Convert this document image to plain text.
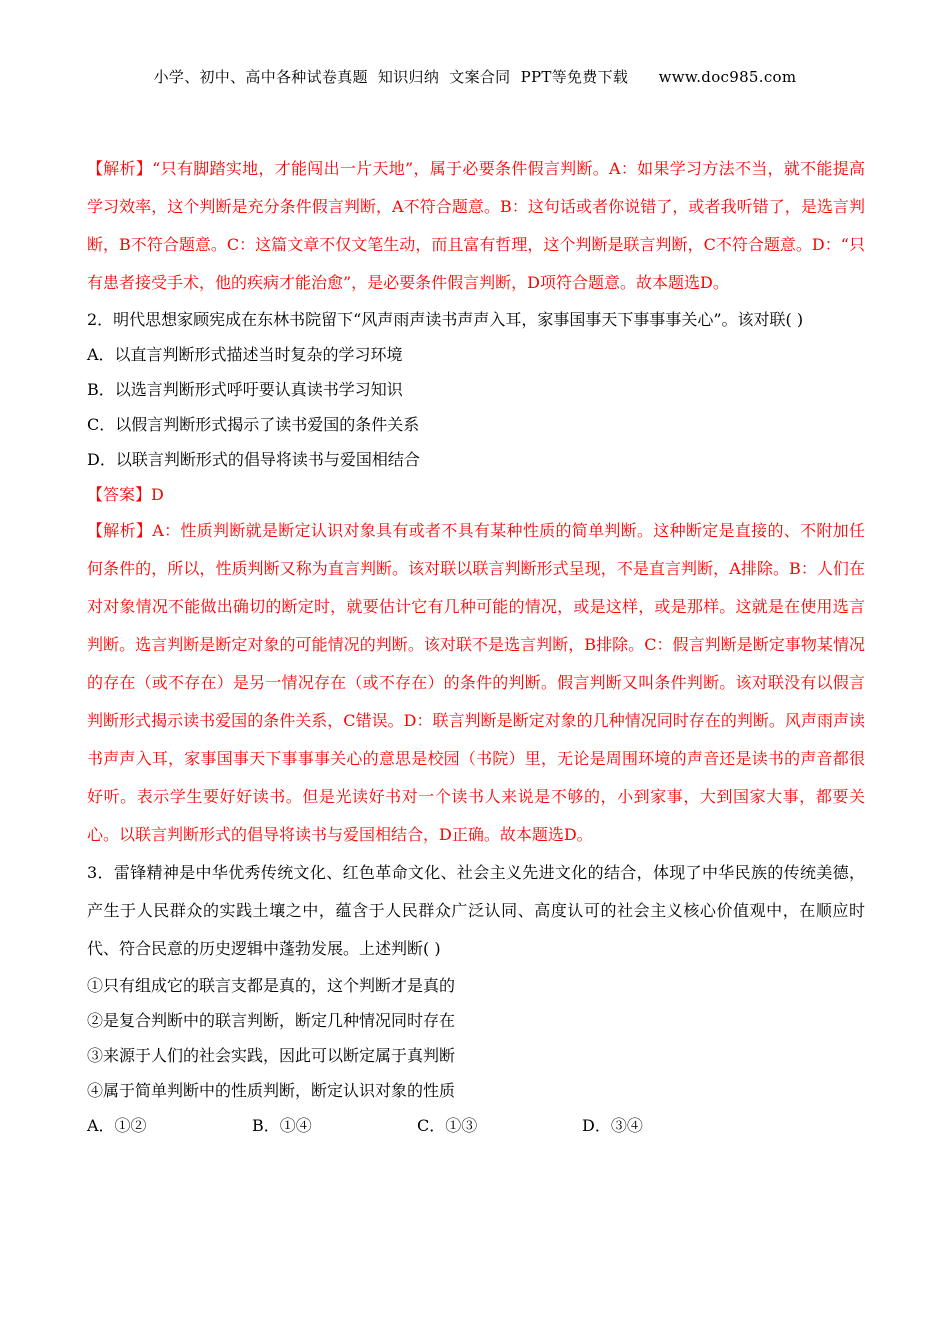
小学、初中、高中各种试卷真题  知识归纳  文案合同  PPT等免费下载      www.doc985.com

【解析】“只有脚踏实地，才能闯出一片天地”，属于必要条件假言判断。A：如果学习方法不当，就不能提高学习效率，这个判断是充分条件假言判断，A不符合题意。B：这句话或者你说错了，或者我听错了，是选言判断，B不符合题意。C：这篇文章不仅文笔生动，而且富有哲理，这个判断是联言判断，C不符合题意。D：“只有患者接受手术，他的疾病才能治愈”，是必要条件假言判断，D项符合题意。故本题选D。

2．明代思想家顾宪成在东林书院留下“风声雨声读书声声入耳，家事国事天下事事事关心”。该对联( )

A．以直言判断形式描述当时复杂的学习环境

B．以选言判断形式呼吁要认真读书学习知识

C．以假言判断形式揭示了读书爱国的条件关系

D．以联言判断形式的倡导将读书与爱国相结合

【答案】D

【解析】A：性质判断就是断定认识对象具有或者不具有某种性质的简单判断。这种断定是直接的、不附加任何条件的，所以，性质判断又称为直言判断。该对联以联言判断形式呈现，不是直言判断，A排除。B：人们在对对象情况不能做出确切的断定时，就要估计它有几种可能的情况，或是这样，或是那样。这就是在使用选言判断。选言判断是断定对象的可能情况的判断。该对联不是选言判断，B排除。C：假言判断是断定事物某情况的存在（或不存在）是另一情况存在（或不存在）的条件的判断。假言判断又叫条件判断。该对联没有以假言判断形式揭示读书爱国的条件关系，C错误。D：联言判断是断定对象的几种情况同时存在的判断。风声雨声读书声声入耳，家事国事天下事事事关心的意思是校园（书院）里，无论是周围环境的声音还是读书的声音都很好听。表示学生要好好读书。但是光读好书对一个读书人来说是不够的，小到家事，大到国家大事，都要关心。以联言判断形式的倡导将读书与爱国相结合，D正确。故本题选D。

3．雷锋精神是中华优秀传统文化、红色革命文化、社会主义先进文化的结合，体现了中华民族的传统美德，产生于人民群众的实践土壤之中，蕴含于人民群众广泛认同、高度认可的社会主义核心价值观中，在顺应时代、符合民意的历史逻辑中蓬勃发展。上述判断( )

①只有组成它的联言支都是真的，这个判断才是真的

②是复合判断中的联言判断，断定几种情况同时存在

③来源于人们的社会实践，因此可以断定属于真判断

④属于简单判断中的性质判断，断定认识对象的性质

A．①②	B．①④	C．①③	D．③④
